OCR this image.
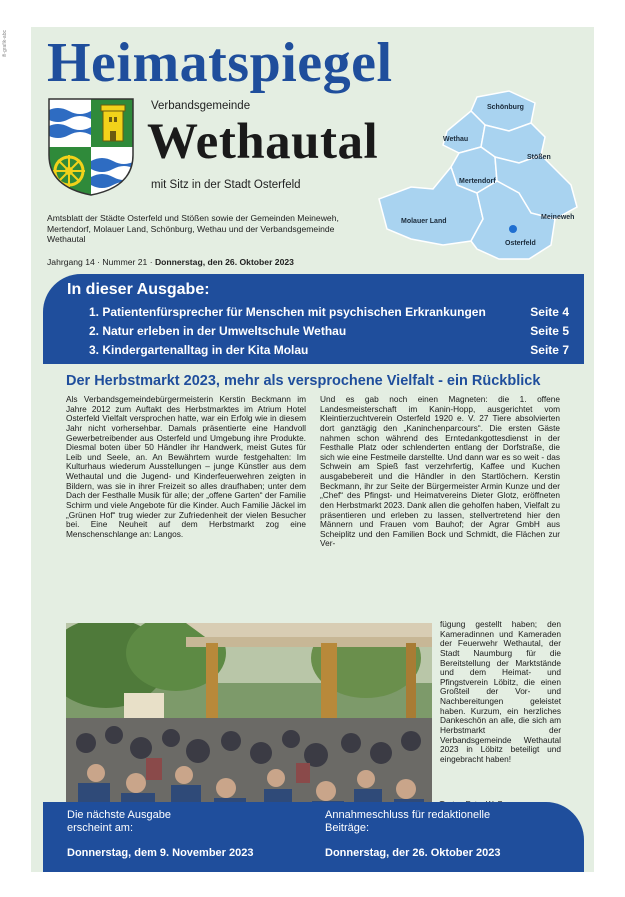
ifi-grafik-abc Heimatspiegel
Verbandsgemeinde
Wethautal
mit Sitz in der Stadt Osterfeld
Schönburg
Wethau
Stößen
Mertendorf
Meineweh
Molauer Land
Osterfeld
Amtsblatt der Städte Osterfeld und Stößen sowie der Gemeinden Meineweh, Mertendorf, Molauer Land, Schönburg, Wethau und der Verbandsgemeinde Wethautal
Jahrgang 14 · Nummer 21 · Donnerstag, den 26. Oktober 2023
In dieser Ausgabe:
1. Patientenfürsprecher für Menschen mit psychischen Erkrankungen	Seite 4
2. Natur erleben in der Umweltschule Wethau	Seite 5
3. Kindergartenalltag in der Kita Molau	Seite 7
Der Herbstmarkt 2023, mehr als versprochene Vielfalt - ein Rückblick
Als Verbandsgemeindebürgermeisterin Kerstin Beckmann im Jahre 2012 zum Auftakt des Herbstmarktes im Atrium Hotel Osterfeld Vielfalt versprochen hatte, war ein Erfolg wie in diesem Jahr nicht vorhersehbar. Damals präsentierte eine Handvoll Gewerbetreibender aus Osterfeld und Umgebung ihre Produkte. Diesmal boten über 50 Händler ihr Handwerk, meist Gutes für Leib und Seele, an. An Bewährtem wurde festgehalten: Im Kulturhaus wiederum Ausstellungen – junge Künstler aus dem Wethautal und die Jugend- und Kinderfeuerwehren zeigten in Bildern, was sie in ihrer Freizeit so alles draufhaben; unter dem Dach der Festhalle Musik für alle; der „offene Garten“ der Familie Schirm und viele Angebote für die Kinder. Auch Familie Jäckel im „Grünen Hof“ trug wieder zur Zufriedenheit der vielen Besucher bei. Eine Neuheit auf dem Herbstmarkt zog eine Menschenschlange an: Langos.
Und es gab noch einen Magneten: die 1. offene Landesmeisterschaft im Kanin-Hopp, ausgerichtet vom Kleintierzuchtverein Osterfeld 1920 e. V. 27 Tiere absolvierten dort ganztägig den „Kaninchenparcours“. Die ersten Gäste nahmen schon während des Erntedankgottesdienst in der Festhalle Platz oder schlenderten entlang der Dorfstraße, die sich wie eine Festmeile darstellte. Und dann war es so weit - das Schwein am Spieß fast verzehrfertig, Kaffee und Kuchen ausgabebereit und die Händler in den Startlöchern. Kerstin Beckmann, ihr zur Seite der Bürgermeister Armin Kunze und der „Chef“ des Pfingst- und Heimatvereins Dieter Glotz, eröffneten den Herbstmarkt 2023. Dank allen die geholfen haben, Vielfalt zu präsentieren und erleben zu lassen, stellvertretend hier den Männern und Frauen vom Bauhof; der Agrar GmbH aus Scheiplitz und den Familien Bock und Schmidt, die Flächen zur Ver-
fügung gestellt haben; den Kameradinnen und Kameraden der Feuerwehr Wethautal, der Stadt Naumburg für die Bereitstellung der Marktstände und dem Heimat- und Pfingstverein Löbitz, die einen Großteil der Vor- und Nachbereitungen geleistet haben. Kurzum, ein herzliches Dankeschön an alle, die sich am Herbstmarkt der Verbandsgemeinde Wethautal 2023 in Löbitz beteiligt und eingebracht haben!
Die nächste Ausgabe erscheint am:
Donnerstag, dem 9. November 2023
Annahmeschluss für redaktionelle Beiträge:
Donnerstag, der 26. Oktober 2023
